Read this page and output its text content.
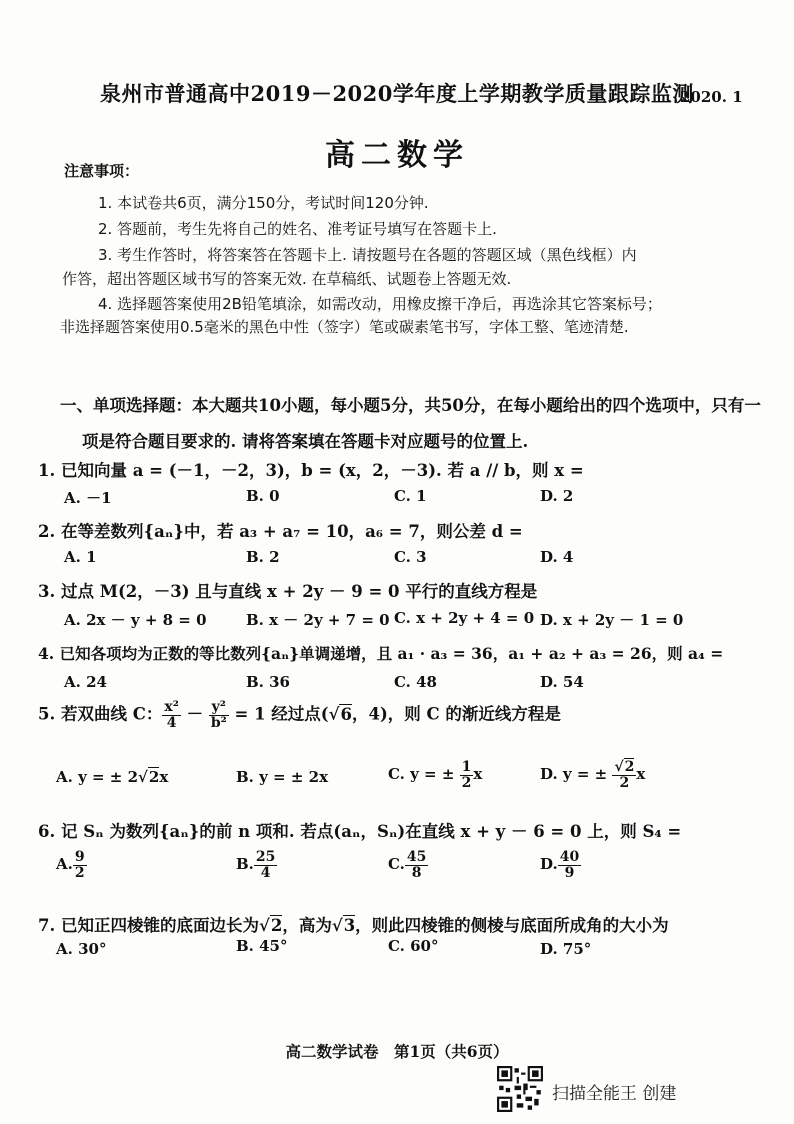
泉州市普通高中2019－2020学年度上学期教学质量跟踪监测
2020. 1
高二数学
注意事项：
1. 本试卷共6页，满分150分，考试时间120分钟.
2. 答题前，考生先将自己的姓名、准考证号填写在答题卡上.
3. 考生作答时，将答案答在答题卡上. 请按题号在各题的答题区域（黑色线框）内
作答，超出答题区域书写的答案无效. 在草稿纸、试题卷上答题无效.
4. 选择题答案使用2B铅笔填涂，如需改动，用橡皮擦干净后，再选涂其它答案标号；
非选择题答案使用0.5毫米的黑色中性（签字）笔或碳素笔书写，字体工整、笔迹清楚.
一、单项选择题：本大题共10小题，每小题5分，共50分，在每小题给出的四个选项中，只有一
项是符合题目要求的. 请将答案填在答题卡对应题号的位置上.
1. 已知向量 a = (－1，－2，3)，b = (x，2，－3). 若 a // b，则 x =
A. －1	B. 0	C. 1	D. 2
2. 在等差数列{aₙ}中，若 a₃ + a₇ = 10，a₆ = 7，则公差 d =
A. 1	B. 2	C. 3	D. 4
3. 过点 M(2，－3) 且与直线 x + 2y － 9 = 0 平行的直线方程是
A. 2x － y + 8 = 0	B. x － 2y + 7 = 0 C. x + 2y + 4 = 0 D. x + 2y － 1 = 0
4. 已知各项均为正数的等比数列{aₙ}单调递增，且 a₁ · a₃ = 36，a₁ + a₂ + a₃ = 26，则 a₄ =
A. 24	B. 36	C. 48	D. 54
5. 若双曲线 C： $\frac{\text{x²}}{4} - \frac{\text{y²}}{\text{b²}} = 1$ 经过点(√6，4)，则 C 的渐近线方程是
A. y = ± 2√2x	B. y = ± 2x	C. y = ± $\frac{1}{2}$ x	D. y = ± $\frac{√2}{2}$ x
6. 记 Sₙ 为数列{aₙ}的前 n 项和. 若点(aₙ，Sₙ)在直线 x + y － 6 = 0 上，则 S₄ =
A. $\frac{9}{2}$	B. $\frac{25}{4}$	C. $\frac{45}{8}$	D. $\frac{40}{9}$
7. 已知正四棱锥的底面边长为√2，高为√3，则此四棱锥的侧棱与底面所成角的大小为
A. 30°	B. 45°	C. 60°	D. 75°
高二数学试卷　第1页（共6页）
扫描全能王 创建
